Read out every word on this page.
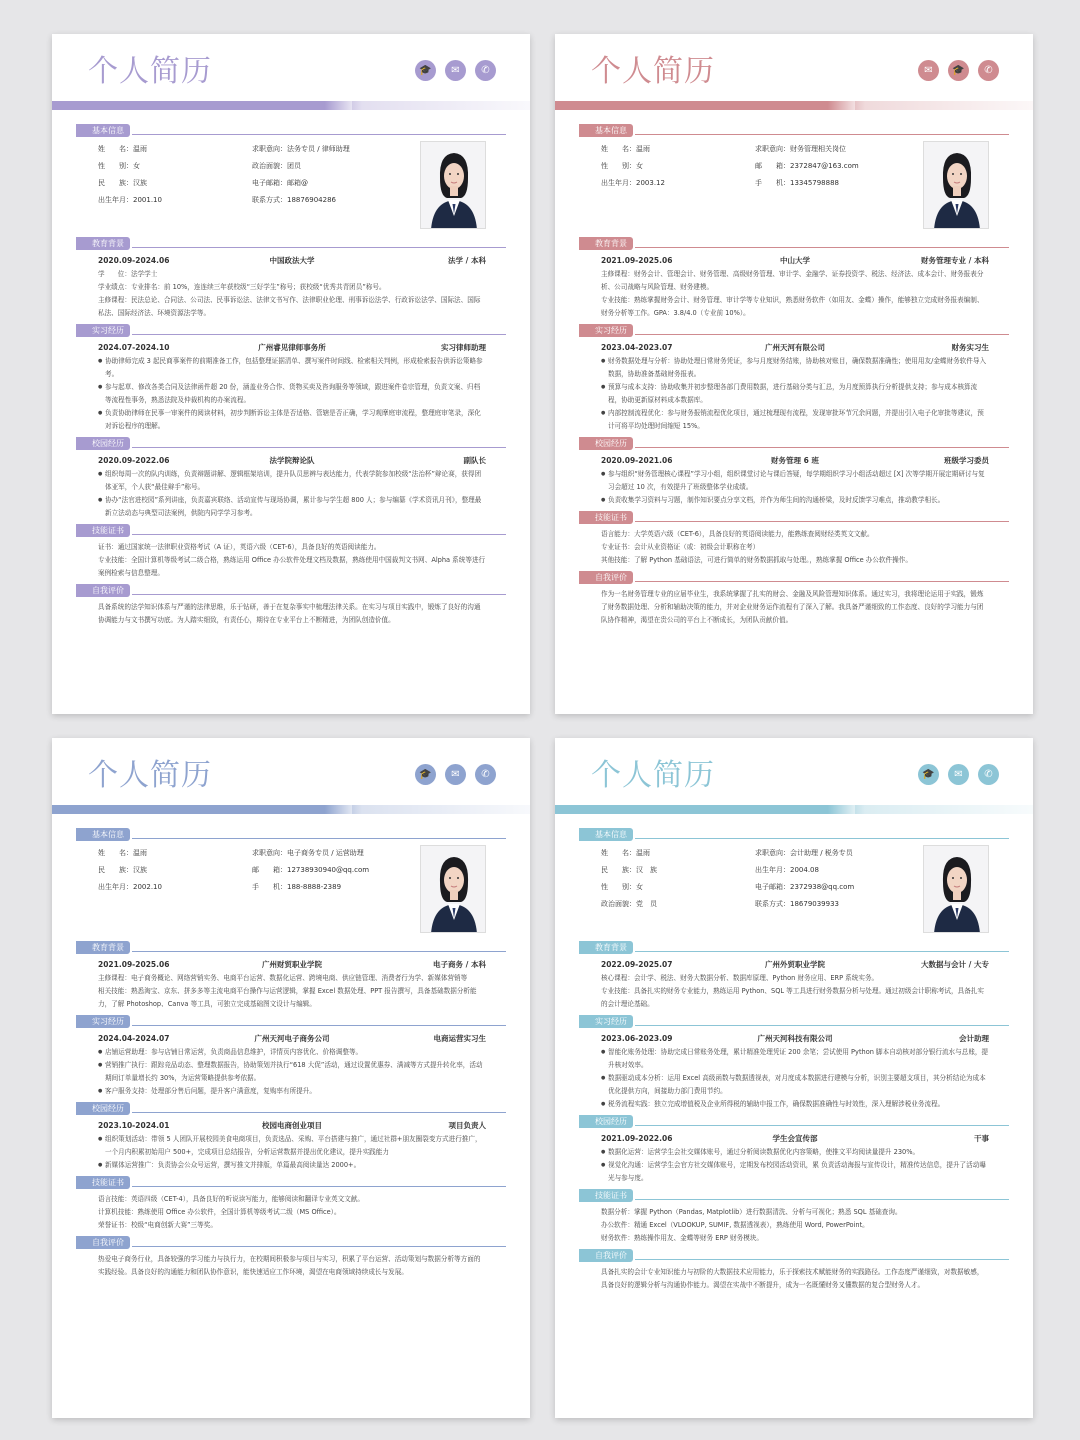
个人简历	🎓	✉	✆
基本信息
姓　　名：温雨
性　　别：女
民　　族：汉族
出生年月：2001.10
求职意向：法务专员 / 律师助理
政治面貌：团员
电子邮箱：邮箱@
联系方式：18876904286
教育背景
2020.09-2024.06	中国政法大学	法学 / 本科
学　　位：法学学士
学业绩点：专业排名：前 10%，连连续三年获校级“三好学生”称号；获校级“优秀共青团员”称号。
主修课程：民法总论、合同法、公司法、民事诉讼法、法律文书写作、法律职业伦理、刑事诉讼法学、行政诉讼法学、国际法、国际私法、国际经济法、环境资源法学等。
实习经历
2024.07-2024.10	广州睿见律师事务所	实习律师助理
● 协助律师完成 3 起民商事案件的前期准备工作，包括整理证据清单、撰写案件时间线、检索相关判例，形成检索报告供诉讼策略参考。
● 参与起草、修改各类合同及法律函件超 20 份，涵盖业务合作、货物买卖及咨询服务等领域，跟进案件卷宗管理，负责文案、归档等流程性事务，熟悉法院及仲裁机构的办案流程。
● 负责协助律师在民事一审案件的阅读材料，初步判断诉讼主体是否适格、管辖是否正确，学习观摩庭审流程，整理庭审笔录，深化对诉讼程序的理解。
校园经历
2020.09-2022.06	法学院辩论队	副队长
● 组织每周一次的队内训练，负责辩题讲解、逻辑框架培训，提升队员思辨与表达能力，代表学院参加校级“法治杯”辩论赛，获得团体亚军，个人获“最佳辩手”称号。
● 协办“法官进校园”系列讲座，负责嘉宾联络、活动宣传与现场协调，累计参与学生超 800 人；参与编纂《学术资讯月刊》，整理最新立法动态与典型司法案例，供院内同学学习参考。
技能证书
证书：通过国家统一法律职业资格考试（A 证），英语六级（CET-6），具备良好的英语阅读能力。
专业技能：全国计算机等级考试二级合格，熟练运用 Office 办公软件处理文档及数据，熟练使用中国裁判文书网、Alpha 系统等进行案例检索与信息整理。
自我评价
具备系统的法学知识体系与严谨的法律思维，乐于钻研，善于在复杂事实中梳理法律关系。在实习与项目实践中，锻炼了良好的沟通协调能力与文书撰写功底。为人踏实细致，有责任心，期待在专业平台上不断精进，为团队创造价值。
个人简历	✉	🎓	✆
基本信息
姓　　名：温雨
性　　别：女
出生年月：2003.12
求职意向：财务管理相关岗位
邮　　箱：2372847@163.com
手　　机：13345798888
教育背景
2021.09-2025.06	中山大学	财务管理专业 / 本科
主修课程：财务会计、管理会计、财务管理、高级财务管理、审计学、金融学、证券投资学、税法、经济法、成本会计、财务报表分析、公司战略与风险管理、财务建模。
专业技能：熟练掌握财务会计、财务管理、审计学等专业知识，熟悉财务软件（如用友、金蝶）操作，能够独立完成财务报表编制、财务分析等工作。GPA：3.8/4.0（专业前 10%）。
实习经历
2023.04-2023.07	广州天河有限公司	财务实习生
● 财务数据处理与分析：协助处理日常财务凭证，参与月度财务结账，协助核对账目，确保数据准确性；使用用友/金蝶财务软件导入数据，协助准备基础财务报表。
● 预算与成本支持：协助收集并初步整理各部门费用数据，进行基础分类与汇总，为月度预算执行分析提供支持；参与成本核算流程，协助更新原材料成本数据库。
● 内部控制流程优化：参与财务报销流程优化项目，通过梳理现有流程，发现审批环节冗余问题，并提出引入电子化审批等建议，预计可将平均处理时间缩短 15%。
校园经历
2020.09-2021.06	财务管理 6 班	班级学习委员
● 参与组织“财务管理核心课程”学习小组，组织课堂讨论与课后答疑，每学期组织学习小组活动超过 [X] 次等学期开展定期研讨与复习会超过 10 次，有效提升了班级整体学业成绩。
● 负责收集学习资料与习题，制作知识要点分享文档，并作为师生间的沟通桥梁，及时反馈学习难点，推动教学相长。
技能证书
语言能力：大学英语六级（CET-6），具备良好的英语阅读能力，能熟练查阅财经类英文文献。
专业证书：会计从业资格证（或：初级会计职称在考）
其他技能：了解 Python 基础语法，可进行简单的财务数据抓取与处理。，熟练掌握 Office 办公软件操作。
自我评价
作为一名财务管理专业的应届毕业生，我系统掌握了扎实的财会、金融及风险管理知识体系。通过实习，我将理论运用于实践，锻炼了财务数据处理、分析和辅助决策的能力，并对企业财务运作流程有了深入了解。我具备严谨细致的工作态度、良好的学习能力与团队协作精神，渴望在贵公司的平台上不断成长，为团队贡献价值。
个人简历	🎓	✉	✆
基本信息
姓　　名：温雨
民　　族：汉族
出生年月：2002.10
求职意向：电子商务专员 / 运营助理
邮　　箱：12738930940@qq.com
手　　机：188-8888-2389
教育背景
2021.09-2025.06	广州财贸职业学院	电子商务 / 本科
主修课程：电子商务概论、网络营销实务、电商平台运营、数据化运营、跨境电商、供应链管理、消费者行为学、新媒体营销等
相关技能：熟悉淘宝、京东、拼多多等主流电商平台操作与运营逻辑，掌握 Excel 数据处理、PPT 报告撰写，具备基础数据分析能力，了解 Photoshop、Canva 等工具，可独立完成基础图文设计与编辑。
实习经历
2024.04-2024.07	广州天河电子商务公司	电商运营实习生
● 店铺运营助理：参与店铺日常运营，负责商品信息维护，详情页内容优化、价格调整等。
● 营销推广执行：跟踪竞品动态、整理数据报告，协助策划并执行“618 大促”活动，通过设置优惠券、满减等方式提升转化率，活动期间订单量增长约 30%，为运营策略提供参考依据。
● 客户服务支持：处理部分售后问题，提升客户满意度，复购率有所提升。
校园经历
2023.10-2024.01	校园电商创业项目	项目负责人
● 组织策划活动：带领 5 人团队开展校园美食电商项目，负责选品、采购、平台搭建与推广，通过社群+朋友圈裂变方式进行推广，一个月内积累初始用户 500+，完成项目总结报告，分析运营数据并提出优化建议，提升实践能力
● 新媒体运营推广：负责协会公众号运营，撰写推文并排版，单篇最高阅读量达 2000+。
技能证书
语言技能：英语四级（CET-4），具备良好的听说读写能力，能够阅读和翻译专业英文文献。
计算机技能：熟练使用 Office 办公软件，全国计算机等级考试二级（MS Office）。
荣誉证书：校级“电商创新大赛”三等奖。
自我评价
热爱电子商务行业，具备较强的学习能力与执行力，在校期间积极参与项目与实习，积累了平台运营、活动策划与数据分析等方面的实践经验。具备良好的沟通能力和团队协作意识，能快速适应工作环境，渴望在电商领域持续成长与发展。
个人简历	🎓	✉	✆
基本信息
姓　　名：温雨
民　　族：汉　族
性　　别：女
政治面貌：党　员
求职意向：会计助理 / 税务专员
出生年月：2004.08
电子邮箱：2372938@qq.com
联系方式：18679039933
教育背景
2022.09-2025.07	广州外贸职业学院	大数据与会计 / 大专
核心课程：会计学、税法、财务大数据分析、数据库原理、Python 财务应用、ERP 系统实务。
专业技能：具备扎实的财务专业能力，熟练运用 Python、SQL 等工具进行财务数据分析与处理。通过初级会计职称考试，具备扎实的会计理论基础。
实习经历
2023.06-2023.09	广州天河科技有限公司	会计助理
● 智能化账务处理：协助完成日常账务处理，累计精准处理凭证 200 余笔；尝试使用 Python 脚本自动核对部分银行流水与总账，提升核对效率。
● 数据驱动成本分析：运用 Excel 高级函数与数据透视表，对月度成本数据进行建模与分析，识别主要超支项目，其分析结论为成本优化提供方向，间接助力部门费用节约。
● 税务流程实践：独立完成增值税及企业所得税的辅助申报工作，确保数据准确性与时效性，深入理解涉税业务流程。
校园经历
2021.09-2022.06	学生会宣传部	干事
● 数据化运营：运营学生会社交媒体账号，通过分析阅读数据优化内容策略，使推文平均阅读量提升 230%。
● 视觉化沟通：运营学生会官方社交媒体账号，定期发布校园活动资讯，累 负责活动海报与宣传设计，精准传达信息，提升了活动曝光与参与度。
技能证书
数据分析：掌握 Python（Pandas, Matplotlib）进行数据清洗、分析与可视化；熟悉 SQL 基础查询。
办公软件：精通 Excel（VLOOKUP, SUMIF, 数据透视表），熟练使用 Word, PowerPoint。
财务软件：熟练操作用友、金蝶等财务 ERP 财务模块。
自我评价
具备扎实的会计专业知识能力与初阶的大数据技术应用能力，乐于探索技术赋能财务的实践路径。工作态度严谨细致，对数据敏感，具备良好的逻辑分析与沟通协作能力。渴望在实战中不断提升，成为一名既懂财务又懂数据的复合型财务人才。
